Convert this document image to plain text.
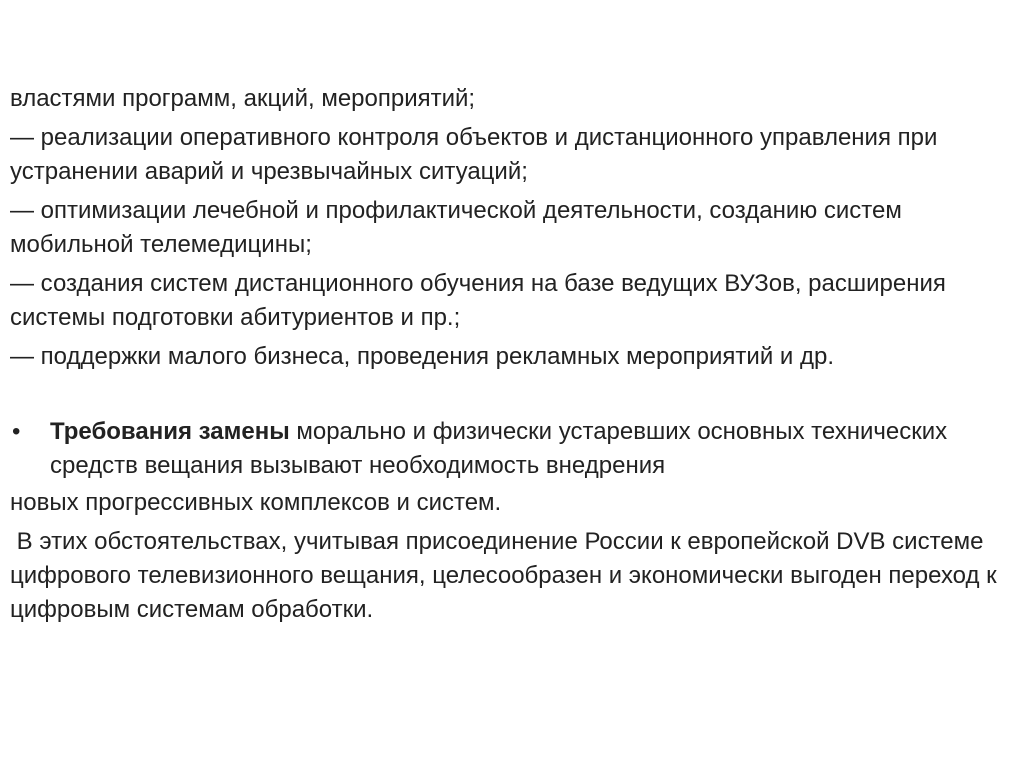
властями программ, акций, мероприятий;

— реализации оперативного контроля объектов и дистанционного управления при устранении аварий и чрезвычайных ситуаций;

— оптимизации лечебной и профилактической деятельности, созданию систем мобильной телемедицины;

— создания систем дистанционного обучения на базе ведущих ВУЗов, расширения системы подготовки абитуриентов и пр.;

— поддержки малого бизнеса, проведения рекламных мероприятий и др.

• Требования замены морально и физически устаревших основных технических средств вещания вызывают необходимость внедрения

новых прогрессивных комплексов и систем.

В этих обстоятельствах, учитывая присоединение России к европейской DVB системе цифрового телевизионного вещания, целесообразен и экономически выгоден переход к цифровым системам обработки.
